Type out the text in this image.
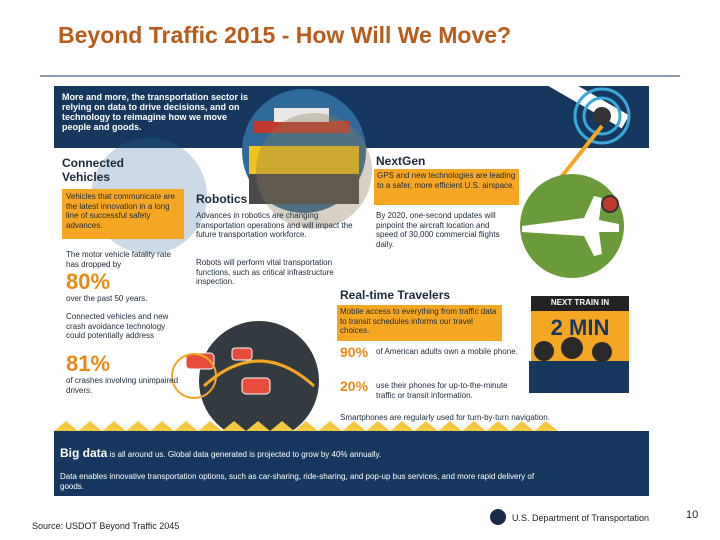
Beyond Traffic 2015 - How Will We Move?
More and more, the transportation sector is relying on data to drive decisions, and on technology to reimagine how we move people and goods.
Connected Vehicles
Vehicles that communicate are the latest innovation in a long line of successful safety advances.
The motor vehicle fatality rate has dropped by
80%
over the past 50 years.
Connected vehicles and new crash avoidance technology could potentially address
81%
of crashes involving unimpaired drivers.
Robotics
Advances in robotics are changing transportation operations and will impact the future transportation workforce.
Robots will perform vital transportation functions, such as critical infrastructure inspection.
NextGen
GPS and new technologies are leading to a safer, more efficient U.S. airspace.
By 2020, one-second updates will pinpoint the aircraft location and speed of 30,000 commercial flights daily.
Real-time Travelers
Mobile access to everything from traffic data to transit schedules informs our travel choices.
90% of American adults own a mobile phone.
20% use their phones for up-to-the-minute traffic or transit information.
Smartphones are regularly used for turn-by-turn navigation.
NEXT TRAIN IN
2 MIN
Big data is all around us. Global data generated is projected to grow by 40% annually.
Data enables innovative transportation options, such as car-sharing, ride-sharing, and pop-up bus services, and more rapid delivery of goods.
Source: USDOT Beyond Traffic 2045
U.S. Department of Transportation	10
